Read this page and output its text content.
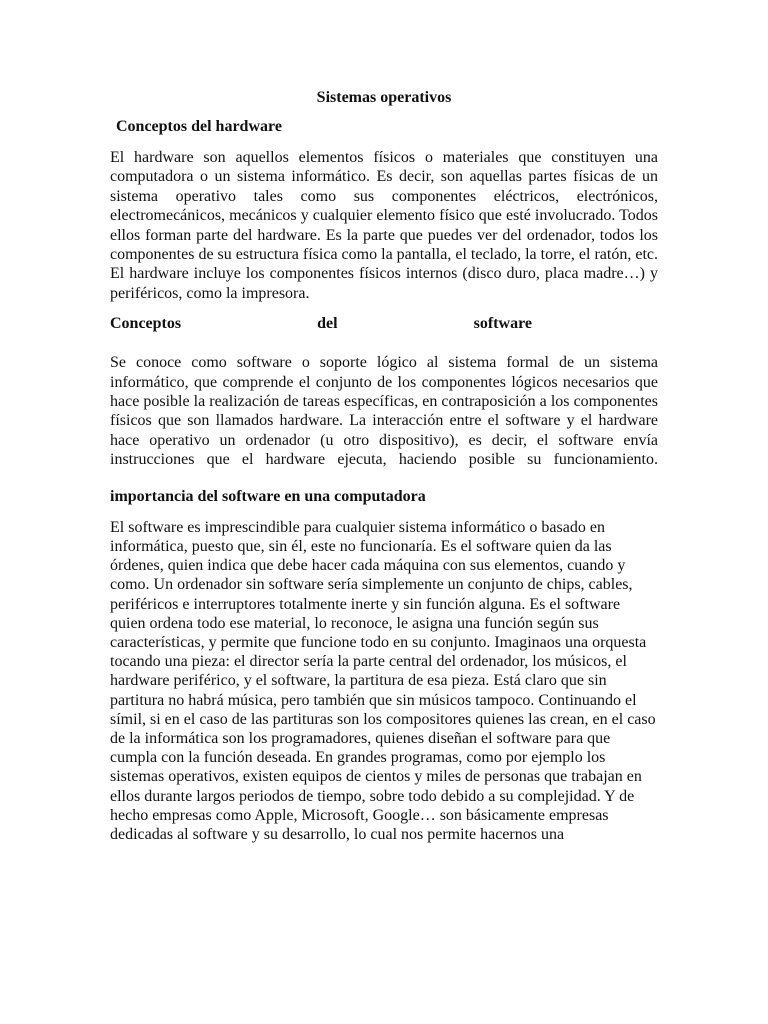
Sistemas operativos
Conceptos del hardware

El hardware son aquellos elementos físicos o materiales que constituyen una computadora o un sistema informático. Es decir, son aquellas partes físicas de un sistema operativo tales como sus componentes eléctricos, electrónicos, electromecánicos, mecánicos y cualquier elemento físico que esté involucrado. Todos ellos forman parte del hardware. Es la parte que puedes ver del ordenador, todos los componentes de su estructura física como la pantalla, el teclado, la torre, el ratón, etc. El hardware incluye los componentes físicos internos (disco duro, placa madre…) y periféricos, como la impresora.

Conceptos	del	software

Se conoce como software o soporte lógico al sistema formal de un sistema informático, que comprende el conjunto de los componentes lógicos necesarios que hace posible la realización de tareas específicas, en contraposición a los componentes físicos que son llamados hardware. La interacción entre el software y el hardware hace operativo un ordenador (u otro dispositivo), es decir, el software envía instrucciones que el hardware ejecuta, haciendo posible su funcionamiento.

importancia del software en una computadora

El software es imprescindible para cualquier sistema informático o basado en informática, puesto que, sin él, este no funcionaría. Es el software quien da las órdenes, quien indica que debe hacer cada máquina con sus elementos, cuando y como. Un ordenador sin software sería simplemente un conjunto de chips, cables, periféricos e interruptores totalmente inerte y sin función alguna. Es el software quien ordena todo ese material, lo reconoce, le asigna una función según sus características, y permite que funcione todo en su conjunto. Imaginaos una orquesta tocando una pieza: el director sería la parte central del ordenador, los músicos, el hardware periférico, y el software, la partitura de esa pieza. Está claro que sin partitura no habrá música, pero también que sin músicos tampoco. Continuando el símil, si en el caso de las partituras son los compositores quienes las crean, en el caso de la informática son los programadores, quienes diseñan el software para que cumpla con la función deseada. En grandes programas, como por ejemplo los sistemas operativos, existen equipos de cientos y miles de personas que trabajan en ellos durante largos periodos de tiempo, sobre todo debido a su complejidad. Y de hecho empresas como Apple, Microsoft, Google… son básicamente empresas dedicadas al software y su desarrollo, lo cual nos permite hacernos una
